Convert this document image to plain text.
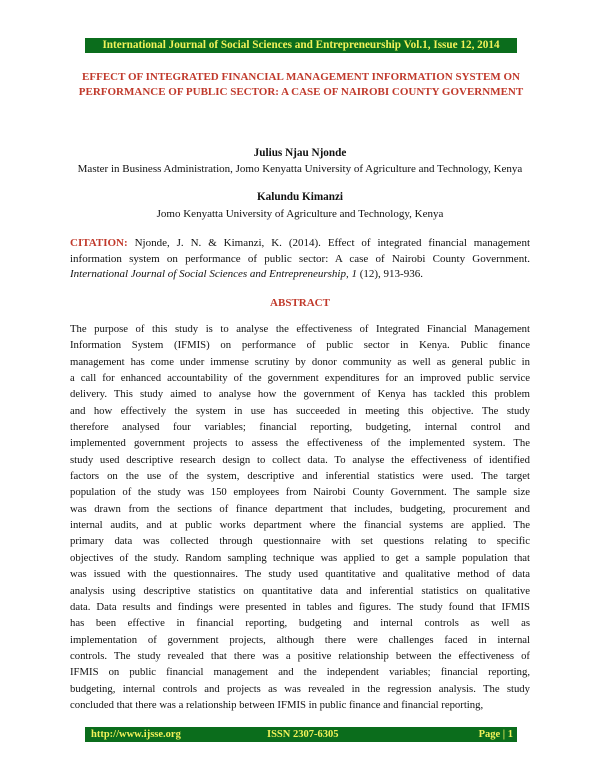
International Journal of Social Sciences and Entrepreneurship Vol.1, Issue 12, 2014
EFFECT OF INTEGRATED FINANCIAL MANAGEMENT INFORMATION SYSTEM ON PERFORMANCE OF PUBLIC SECTOR: A CASE OF NAIROBI COUNTY GOVERNMENT
Julius Njau Njonde
Master in Business Administration, Jomo Kenyatta University of Agriculture and Technology, Kenya
Kalundu Kimanzi
Jomo Kenyatta University of Agriculture and Technology, Kenya
CITATION: Njonde, J. N. & Kimanzi, K. (2014). Effect of integrated financial management information system on performance of public sector: A case of Nairobi County Government. International Journal of Social Sciences and Entrepreneurship, 1 (12), 913-936.
ABSTRACT
The purpose of this study is to analyse the effectiveness of Integrated Financial Management
Information System (IFMIS) on performance of public sector in Kenya. Public finance
management has come under immense scrutiny by donor community as well as general public in
a call for enhanced accountability of the government expenditures for an improved public service
delivery. This study aimed to analyse how the government of Kenya has tackled this problem
and how effectively the system in use has succeeded in meeting this objective. The study
therefore analysed four variables; financial reporting, budgeting, internal control and
implemented government projects to assess the effectiveness of the implemented system. The
study used descriptive research design to collect data. To analyse the effectiveness of identified
factors on the use of the system, descriptive and inferential statistics were used. The target
population of the study was 150 employees from Nairobi County Government. The sample size
was drawn from the sections of finance department that includes, budgeting, procurement and
internal audits, and at public works department where the financial systems are applied. The
primary data was collected through questionnaire with set questions relating to specific
objectives of the study. Random sampling technique was applied to get a sample population that
was issued with the questionnaires. The study used quantitative and qualitative method of data
analysis using descriptive statistics on quantitative data and inferential statistics on qualitative
data. Data results and findings were presented in tables and figures. The study found that IFMIS
has been effective in financial reporting, budgeting and internal controls as well as
implementation of government projects, although there were challenges faced in internal
controls. The study revealed that there was a positive relationship between the effectiveness of
IFMIS on public financial management and the independent variables; financial reporting,
budgeting, internal controls and projects as was revealed in the regression analysis. The study
concluded that there was a relationship between IFMIS in public finance and financial reporting,
http://www.ijsse.org	ISSN 2307-6305	Page | 1
